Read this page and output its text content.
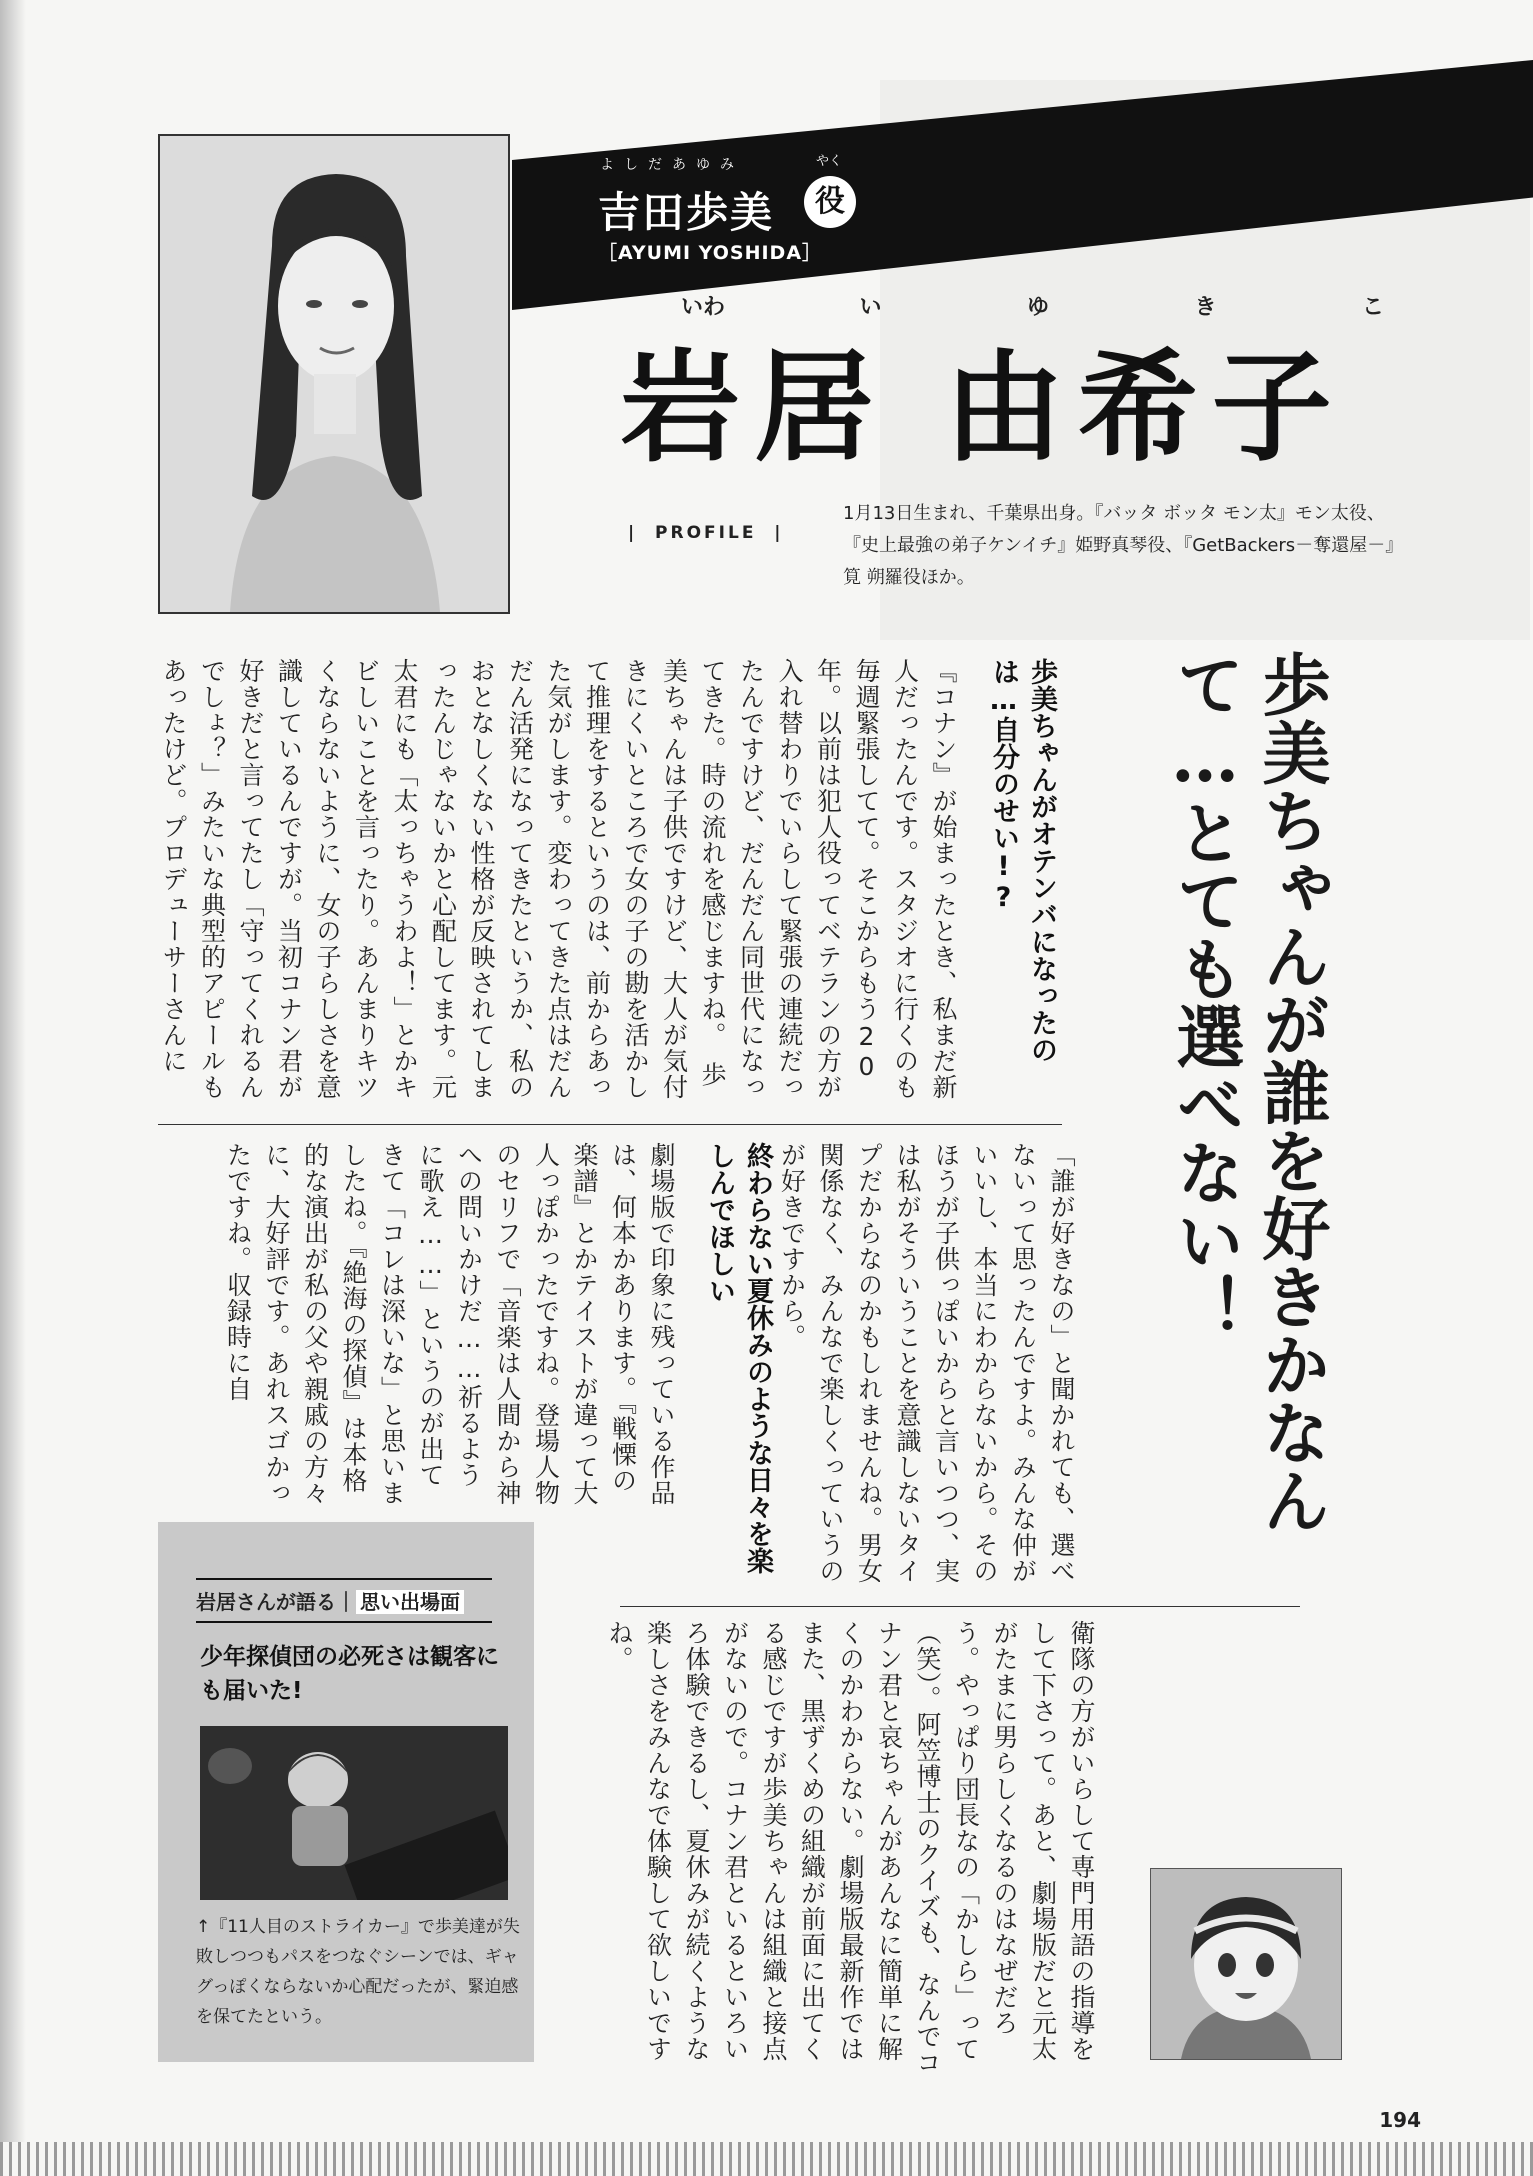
よしだあゆみ
吉田歩美
やく
役
［AYUMI YOSHIDA］
いわ	い	ゆ	き	こ
岩居 由希子
|  PROFILE  |
1月13日生まれ、千葉県出身。『バッタ ボッタ モン太』モン太役、『史上最強の弟子ケンイチ』姫野真琴役、『GetBackers－奪還屋－』筧 朔羅役ほか。
歩美ちゃんが誰を好きかなんて…とても選べない！
歩美ちゃんがオテンバになったのは…自分のせい!?
『コナン』が始まったとき、私まだ新人だったんです。スタジオに行くのも毎週緊張してて。そこからもう20年。以前は犯人役ってベテランの方が入れ替わりでいらして緊張の連続だったんですけど、だんだん同世代になってきた。時の流れを感じますね。　歩美ちゃんは子供ですけど、大人が気付きにくいところで女の子の勘を活かして推理をするというのは、前からあった気がします。変わってきた点はだんだん活発になってきたというか、私のおとなしくない性格が反映されてしまったんじゃないかと心配してます。元太君にも「太っちゃうわよ！」とかキビしいことを言ったり。あんまりキツくならないように、女の子らしさを意識しているんですが。当初コナン君が好きだと言ってたし「守ってくれるんでしょ？」みたいな典型的アピールもあったけど。プロデューサーさんに
「誰が好きなの」と聞かれても、選べないって思ったんですよ。みんな仲がいいし、本当にわからないから。そのほうが子供っぽいからと言いつつ、実は私がそういうことを意識しないタイプだからなのかもしれませんね。男女関係なく、みんなで楽しくっていうのが好きですから。
終わらない夏休みのような日々を楽しんでほしい
劇場版で印象に残っている作品は、何本かあります。『戦慄の楽譜』とかテイストが違って大人っぽかったですね。登場人物のセリフで「音楽は人間から神への問いかけだ……祈るように歌え……」というのが出てきて「コレは深いな」と思いましたね。『絶海の探偵』は本格的な演出が私の父や親戚の方々に、大好評です。あれスゴかったですね。収録時に自
衛隊の方がいらして専門用語の指導をして下さって。あと、劇場版だと元太がたまに男らしくなるのはなぜだろう。やっぱり団長なの「かしら」って（笑）。阿笠博士のクイズも、なんでコナン君と哀ちゃんがあんなに簡単に解くのかわからない。劇場版最新作ではまた、黒ずくめの組織が前面に出てくる感じですが歩美ちゃんは組織と接点がないので。コナン君といるといろいろ体験できるし、夏休みが続くような楽しさをみんなで体験して欲しいですね。
岩居さんが語る｜ 思い出場面
少年探偵団の必死さは観客にも届いた!
↑『11人目のストライカー』で歩美達が失敗しつつもパスをつなぐシーンでは、ギャグっぽくならないか心配だったが、緊迫感を保てたという。
194
